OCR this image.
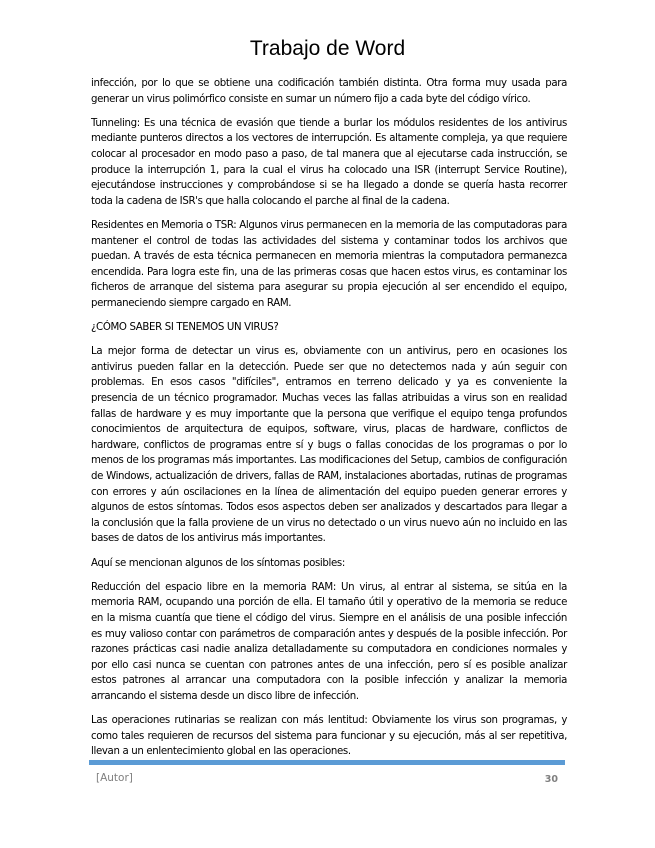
Trabajo de Word

infección, por lo que se obtiene una codificación también distinta. Otra forma muy usada para generar un virus polimórfico consiste en sumar un número fijo a cada byte del código vírico.

Tunneling: Es una técnica de evasión que tiende a burlar los módulos residentes de los antivirus mediante punteros directos a los vectores de interrupción. Es altamente compleja, ya que requiere colocar al procesador en modo paso a paso, de tal manera que al ejecutarse cada instrucción, se produce la interrupción 1, para la cual el virus ha colocado una ISR (interrupt Service Routine), ejecutándose instrucciones y comprobándose si se ha llegado a donde se quería hasta recorrer toda la cadena de ISR's que halla colocando el parche al final de la cadena.

Residentes en Memoria o TSR: Algunos virus permanecen en la memoria de las computadoras para mantener el control de todas las actividades del sistema y contaminar todos los archivos que puedan. A través de esta técnica permanecen en memoria mientras la computadora permanezca encendida. Para logra este fin, una de las primeras cosas que hacen estos virus, es contaminar los ficheros de arranque del sistema para asegurar su propia ejecución al ser encendido el equipo, permaneciendo siempre cargado en RAM.

¿CÓMO SABER SI TENEMOS UN VIRUS?

La mejor forma de detectar un virus es, obviamente con un antivirus, pero en ocasiones los antivirus pueden fallar en la detección. Puede ser que no detectemos nada y aún seguir con problemas. En esos casos "difíciles", entramos en terreno delicado y ya es conveniente la presencia de un técnico programador. Muchas veces las fallas atribuidas a virus son en realidad fallas de hardware y es muy importante que la persona que verifique el equipo tenga profundos conocimientos de arquitectura de equipos, software, virus, placas de hardware, conflictos de hardware, conflictos de programas entre sí y bugs o fallas conocidas de los programas o por lo menos de los programas más importantes. Las modificaciones del Setup, cambios de configuración de Windows, actualización de drivers, fallas de RAM, instalaciones abortadas, rutinas de programas con errores y aún oscilaciones en la línea de alimentación del equipo pueden generar errores y algunos de estos síntomas. Todos esos aspectos deben ser analizados y descartados para llegar a la conclusión que la falla proviene de un virus no detectado o un virus nuevo aún no incluido en las bases de datos de los antivirus más importantes.

Aquí se mencionan algunos de los síntomas posibles:

Reducción del espacio libre en la memoria RAM: Un virus, al entrar al sistema, se sitúa en la memoria RAM, ocupando una porción de ella. El tamaño útil y operativo de la memoria se reduce en la misma cuantía que tiene el código del virus. Siempre en el análisis de una posible infección es muy valioso contar con parámetros de comparación antes y después de la posible infección. Por razones prácticas casi nadie analiza detalladamente su computadora en condiciones normales y por ello casi nunca se cuentan con patrones antes de una infección, pero sí es posible analizar estos patrones al arrancar una computadora con la posible infección y analizar la memoria arrancando el sistema desde un disco libre de infección.

Las operaciones rutinarias se realizan con más lentitud: Obviamente los virus son programas, y como tales requieren de recursos del sistema para funcionar y su ejecución, más al ser repetitiva, llevan a un enlentecimiento global en las operaciones.

[Autor]	30
